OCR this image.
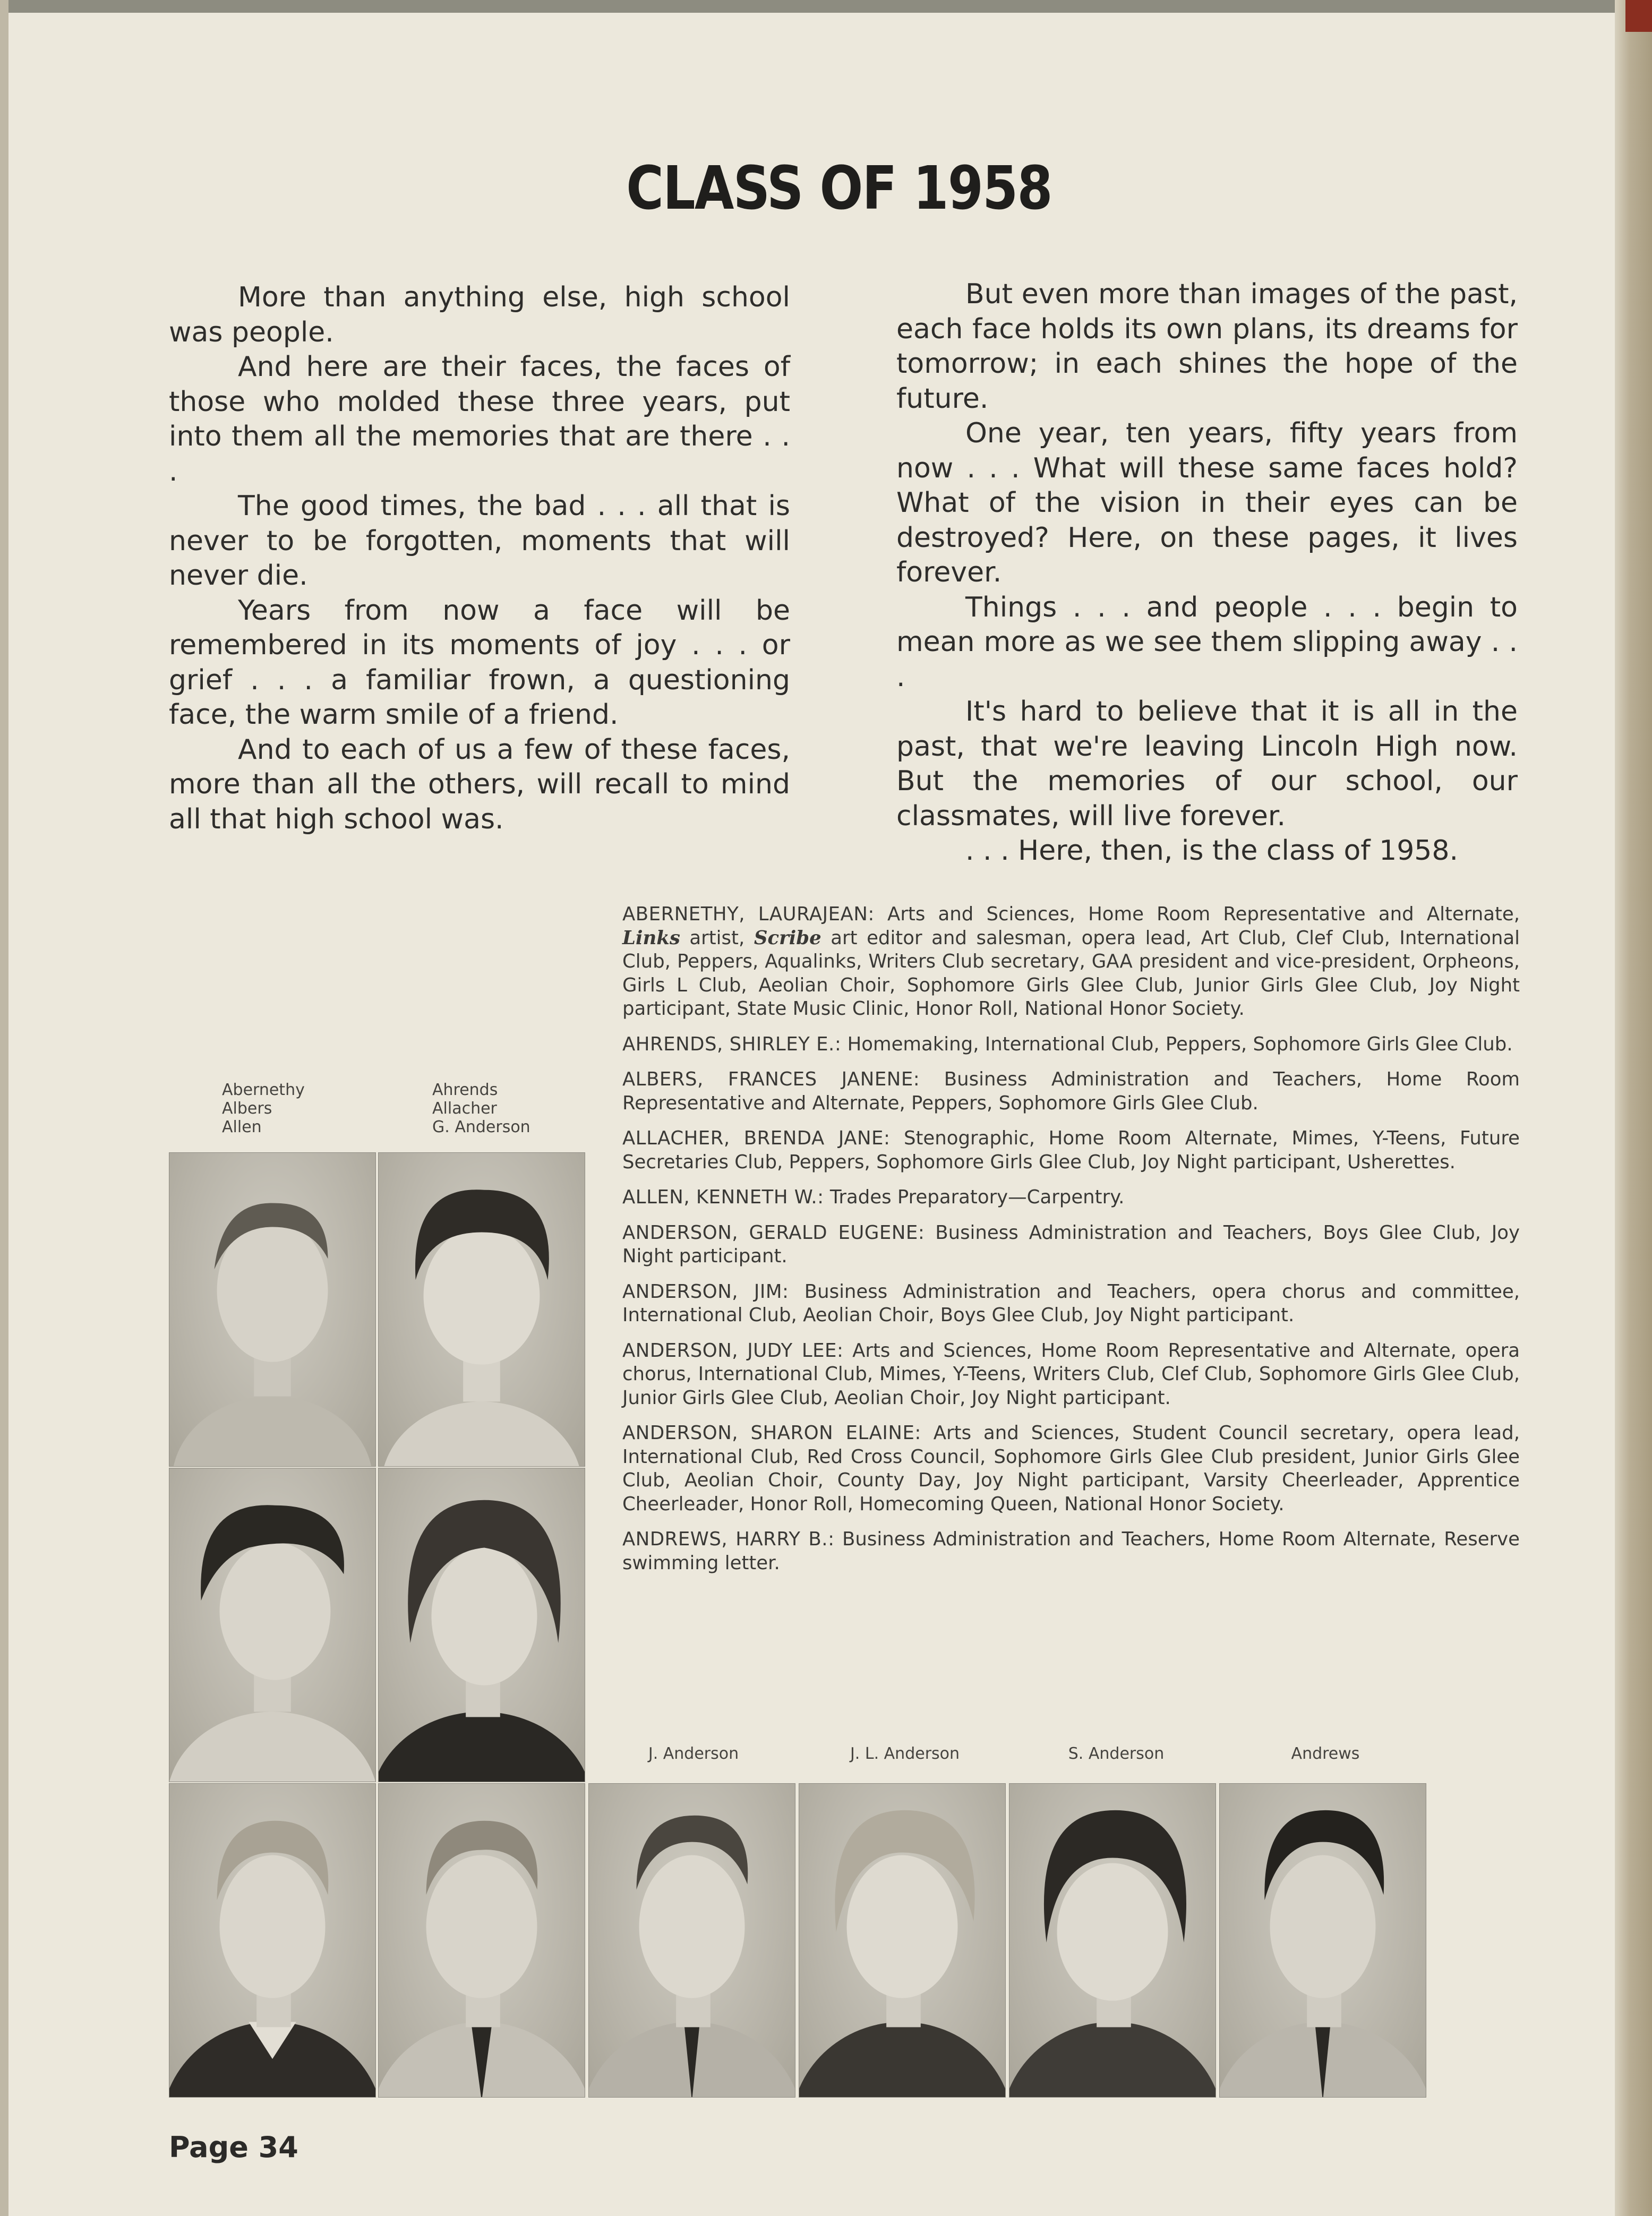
CLASS OF 1958

More than anything else, high school was people.

And here are their faces, the faces of those who molded these three years, put into them all the memories that are there . . .

The good times, the bad . . . all that is never to be forgotten, moments that will never die.

Years from now a face will be remembered in its moments of joy . . . or grief . . . a familiar frown, a questioning face, the warm smile of a friend.

And to each of us a few of these faces, more than all the others, will recall to mind all that high school was.

But even more than images of the past, each face holds its own plans, its dreams for tomorrow; in each shines the hope of the future.

One year, ten years, fifty years from now . . . What will these same faces hold? What of the vision in their eyes can be destroyed? Here, on these pages, it lives forever.

Things . . . and people . . . begin to mean more as we see them slipping away . . .

It's hard to believe that it is all in the past, that we're leaving Lincoln High now. But the memories of our school, our classmates, will live forever.

. . . Here, then, is the class of 1958.

ABERNETHY, LAURAJEAN: Arts and Sciences, Home Room Representative and Alternate, Links artist, Scribe art editor and salesman, opera lead, Art Club, Clef Club, International Club, Peppers, Aqualinks, Writers Club secretary, GAA president and vice-president, Orpheons, Girls L Club, Aeolian Choir, Sophomore Girls Glee Club, Junior Girls Glee Club, Joy Night participant, State Music Clinic, Honor Roll, National Honor Society.

AHRENDS, SHIRLEY E.: Homemaking, International Club, Peppers, Sophomore Girls Glee Club.

ALBERS, FRANCES JANENE: Business Administration and Teachers, Home Room Representative and Alternate, Peppers, Sophomore Girls Glee Club.

ALLACHER, BRENDA JANE: Stenographic, Home Room Alternate, Mimes, Y-Teens, Future Secretaries Club, Peppers, Sophomore Girls Glee Club, Joy Night participant, Usherettes.

ALLEN, KENNETH W.: Trades Preparatory—Carpentry.

ANDERSON, GERALD EUGENE: Business Administration and Teachers, Boys Glee Club, Joy Night participant.

ANDERSON, JIM: Business Administration and Teachers, opera chorus and committee, International Club, Aeolian Choir, Boys Glee Club, Joy Night participant.

ANDERSON, JUDY LEE: Arts and Sciences, Home Room Representative and Alternate, opera chorus, International Club, Mimes, Y-Teens, Writers Club, Clef Club, Sophomore Girls Glee Club, Junior Girls Glee Club, Aeolian Choir, Joy Night participant.

ANDERSON, SHARON ELAINE: Arts and Sciences, Student Council secretary, opera lead, International Club, Red Cross Council, Sophomore Girls Glee Club president, Junior Girls Glee Club, Aeolian Choir, County Day, Joy Night participant, Varsity Cheerleader, Apprentice Cheerleader, Honor Roll, Homecoming Queen, National Honor Society.

ANDREWS, HARRY B.: Business Administration and Teachers, Home Room Alternate, Reserve swimming letter.

Abernethy
Albers
Allen
Ahrends
Allacher
G. Anderson
J. Anderson	J. L. Anderson	S. Anderson	Andrews
Page 34
